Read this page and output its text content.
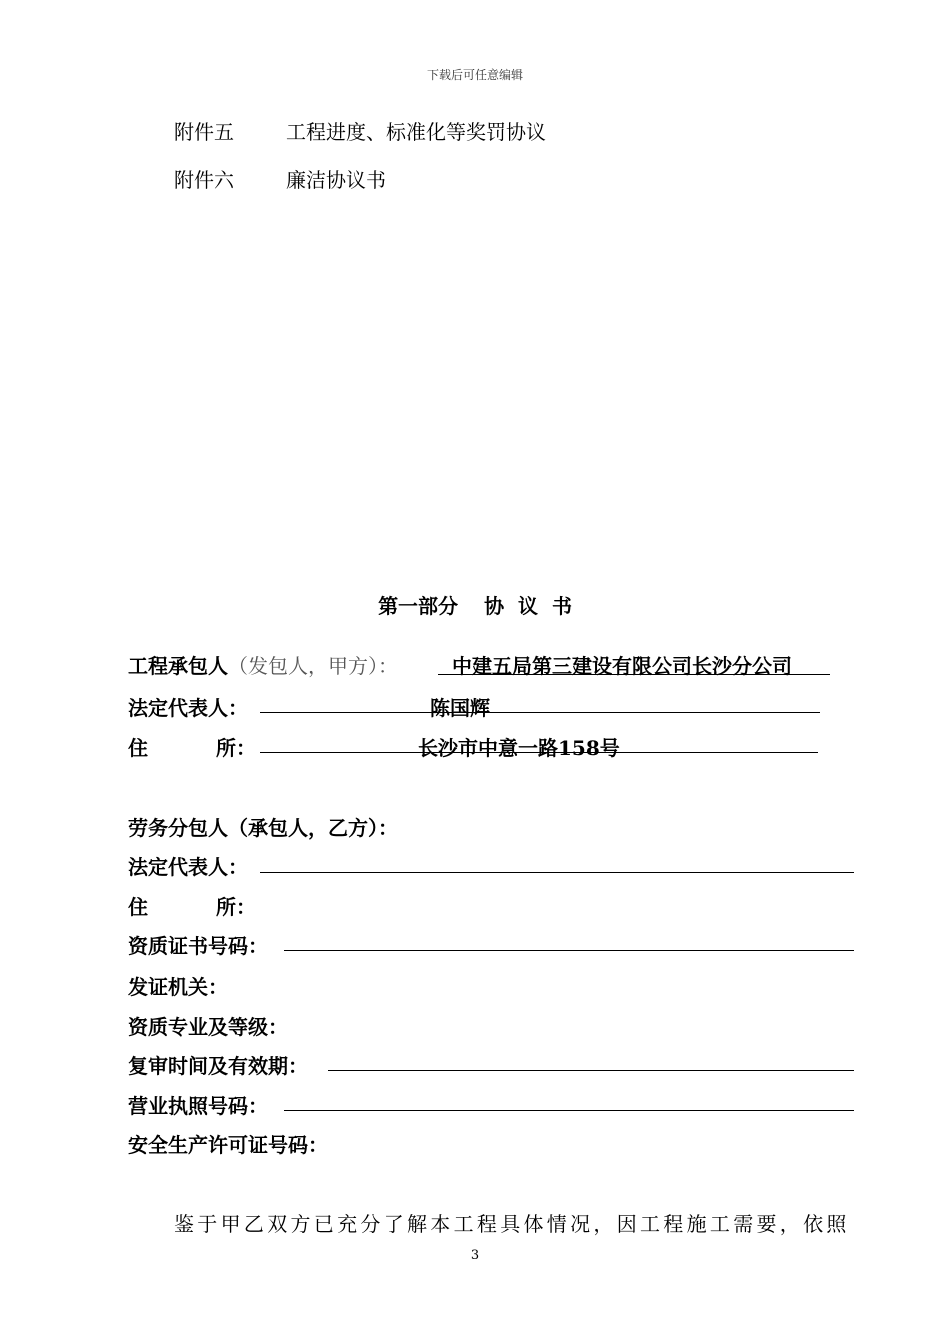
下载后可任意编辑
附件五	工程进度、标准化等奖罚协议
附件六	廉洁协议书
第一部分 协 议 书
工程承包人（发包人，甲方）：	中建五局第三建设有限公司长沙分公司
法定代表人：	陈国辉
住	所：	长沙市中意一路158号
劳务分包人（承包人，乙方）：
法定代表人：
住	所：
资质证书号码：
发证机关：
资质专业及等级：
复审时间及有效期：
营业执照号码：
安全生产许可证号码：
鉴于甲乙双方已充分了解本工程具体情况，因工程施工需要，依照
3
